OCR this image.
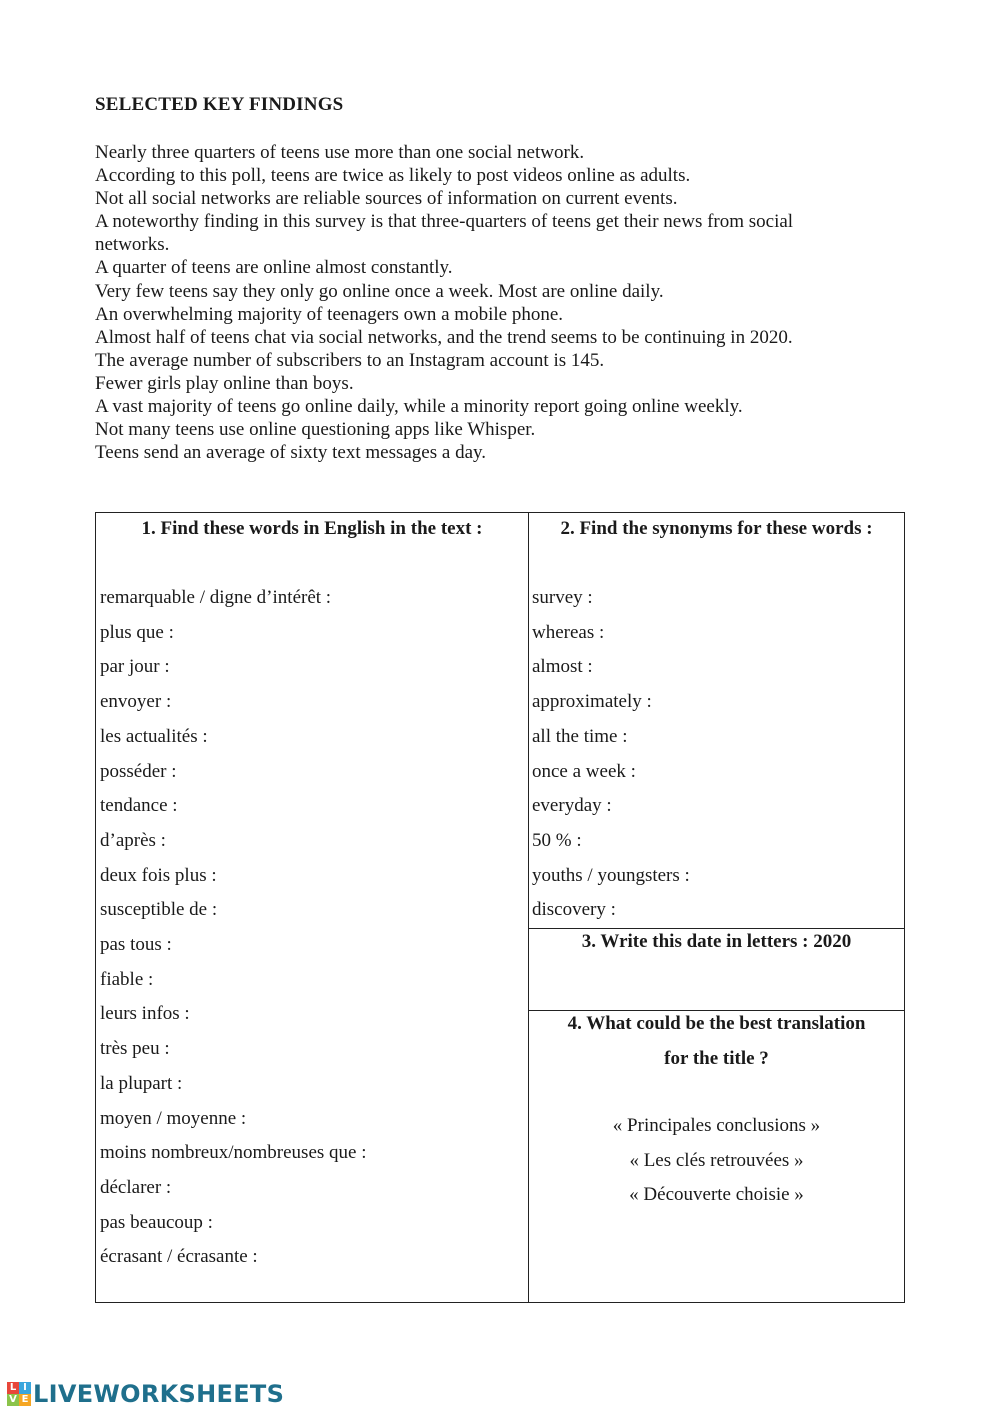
SELECTED KEY FINDINGS
Nearly three quarters of teens use more than one social network.
According to this poll, teens are twice as likely to post videos online as adults.
Not all social networks are reliable sources of information on current events.
A noteworthy finding in this survey is that three-quarters of teens get their news from social networks.
A quarter of teens are online almost constantly.
Very few teens say they only go online once a week. Most are online daily.
An overwhelming majority of teenagers own a mobile phone.
Almost half of teens chat via social networks, and the trend seems to be continuing in 2020.
The average number of subscribers to an Instagram account is 145.
Fewer girls play online than boys.
A vast majority of teens go online daily, while a minority report going online weekly.
Not many teens use online questioning apps like Whisper.
Teens send an average of sixty text messages a day.

1. Find these words in English in the text :

remarquable / digne d’intérêt :
plus que :
par jour :
envoyer :
les actualités :
posséder :
tendance :
d’après :
deux fois plus :
susceptible de :
pas tous :
fiable :
leurs infos :
très peu :
la plupart :
moyen / moyenne :
moins nombreux/nombreuses que :
déclarer :
pas beaucoup :
écrasant / écrasante :

2. Find the synonyms for these words :

survey :
whereas :
almost :
approximately :
all the time :
once a week :
everyday :
50 % :
youths / youngsters :
discovery :

3. Write this date in letters : 2020

4. What could be the best translation
for the title ?

« Principales conclusions »
« Les clés retrouvées »
« Découverte choisie »
L I
V E LIVEWORKSHEETS
